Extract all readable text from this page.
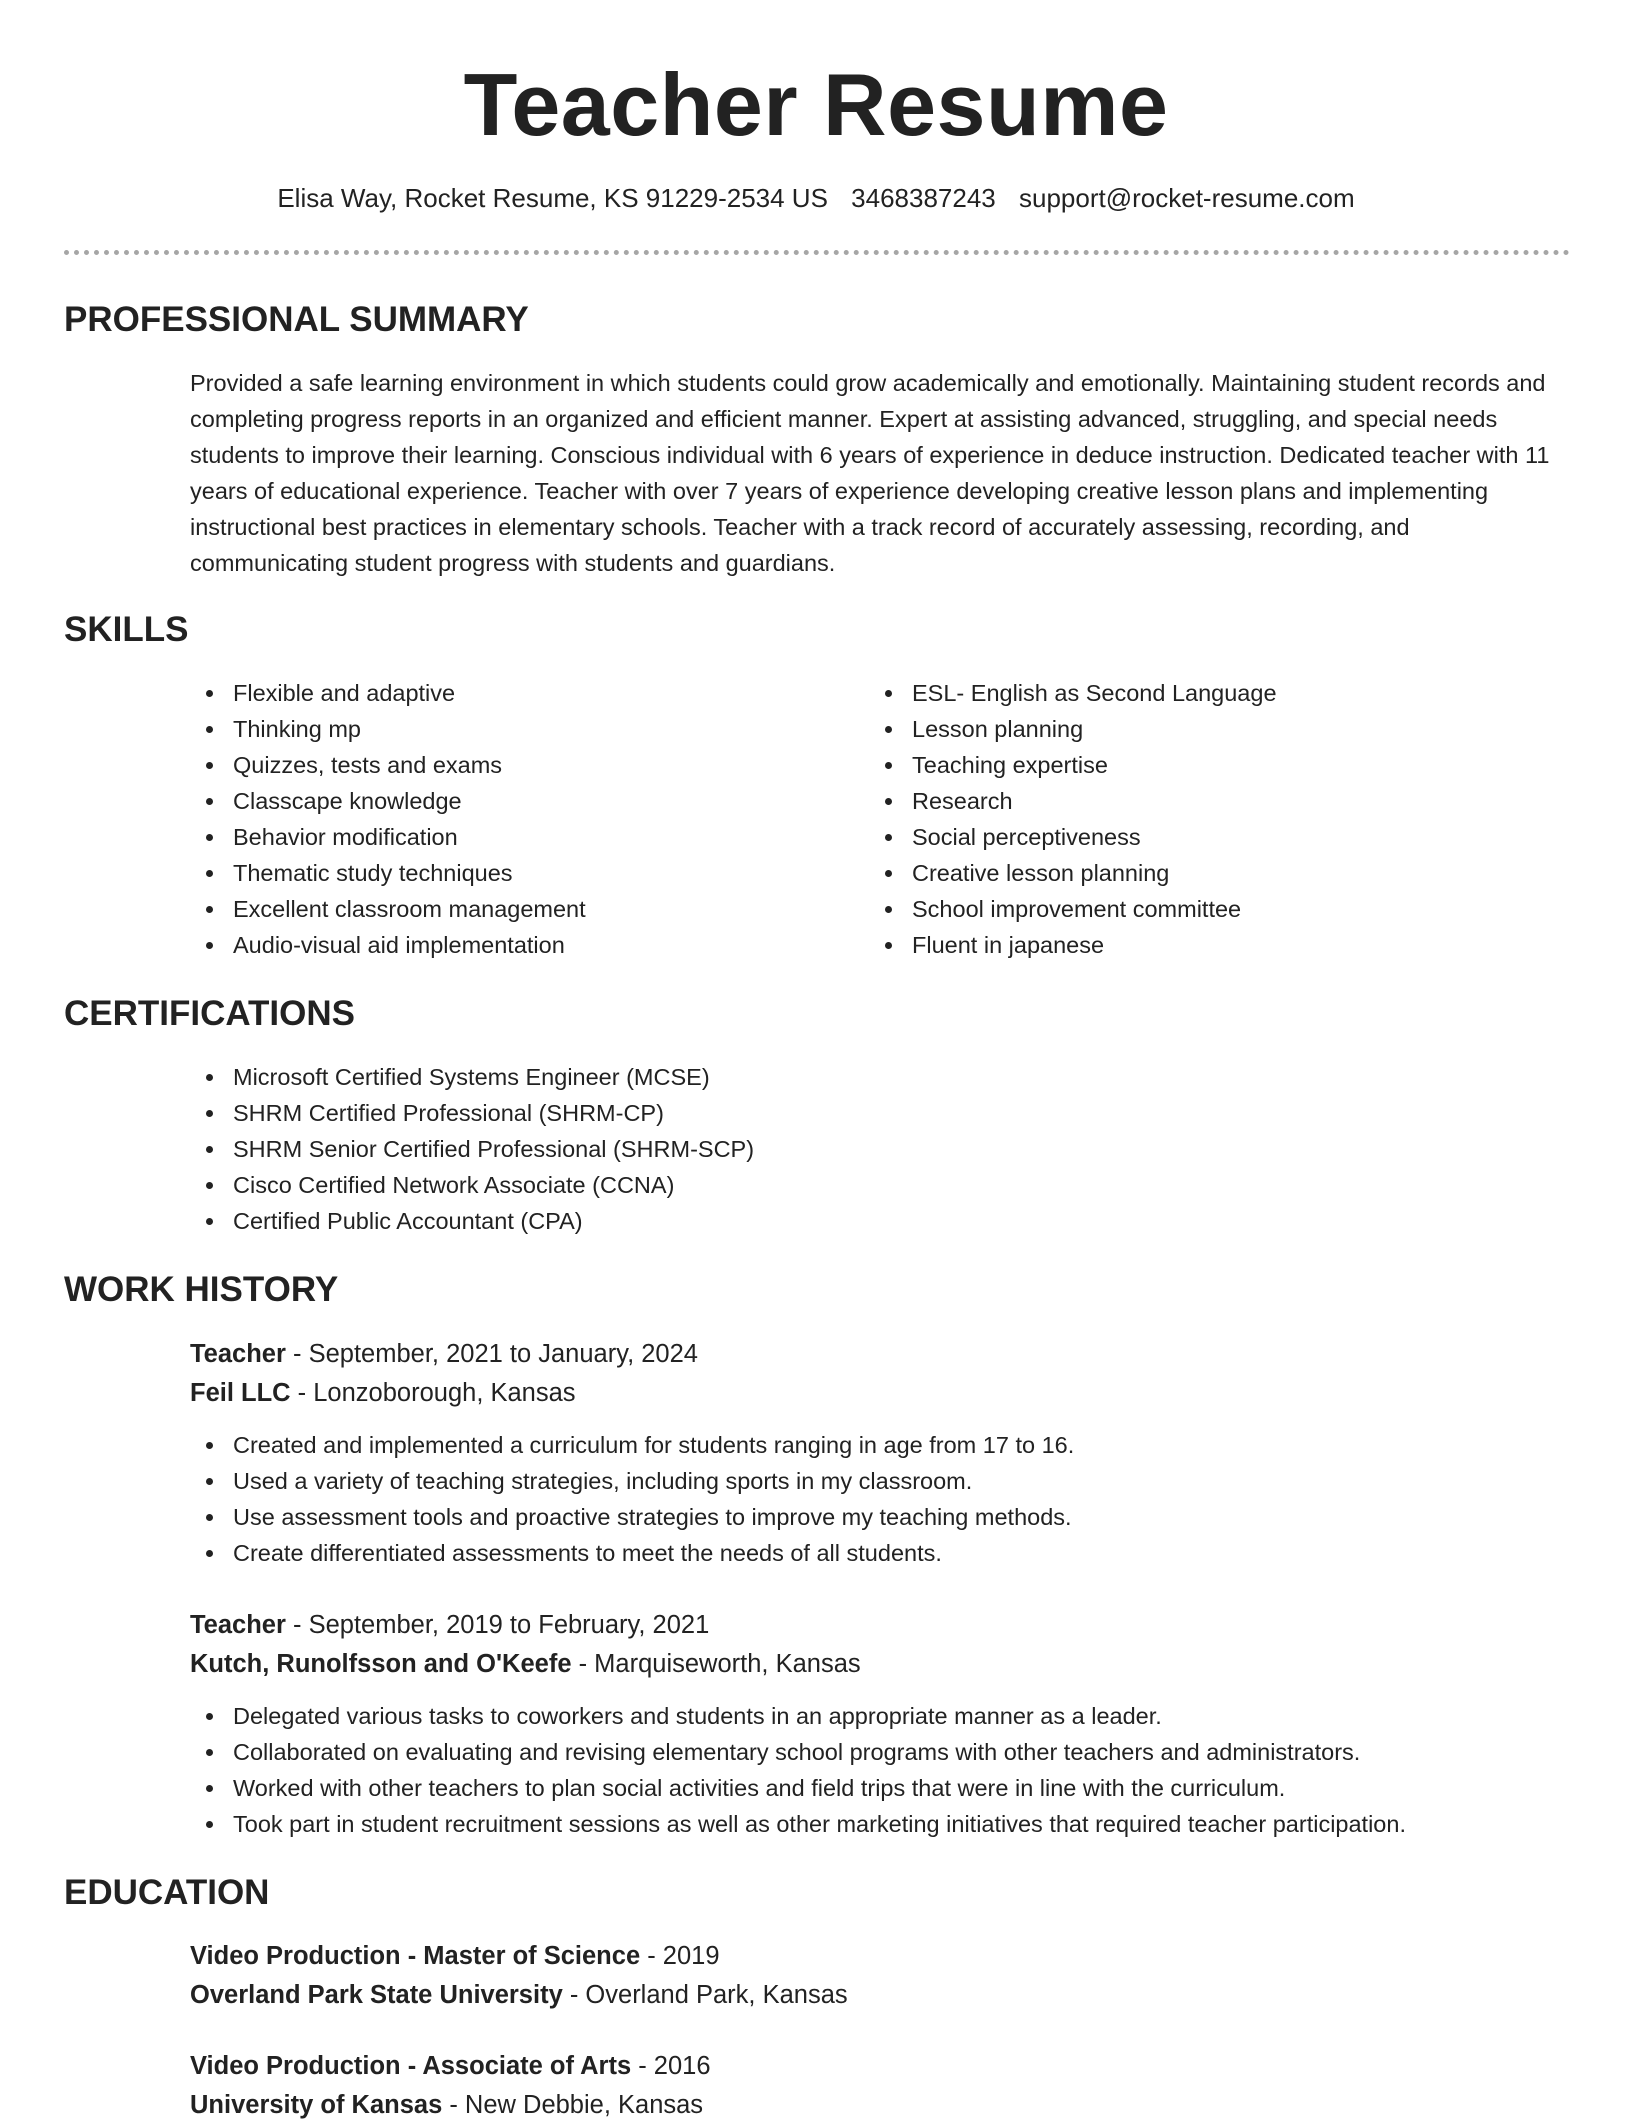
Teacher Resume
Elisa Way, Rocket Resume, KS 91229-2534 US 3468387243 support@rocket-resume.com
PROFESSIONAL SUMMARY
Provided a safe learning environment in which students could grow academically and emotionally. Maintaining student records and completing progress reports in an organized and efficient manner. Expert at assisting advanced, struggling, and special needs students to improve their learning. Conscious individual with 6 years of experience in deduce instruction. Dedicated teacher with 11 years of educational experience. Teacher with over 7 years of experience developing creative lesson plans and implementing instructional best practices in elementary schools. Teacher with a track record of accurately assessing, recording, and communicating student progress with students and guardians.
SKILLS
Flexible and adaptive
Thinking mp
Quizzes, tests and exams
Classcape knowledge
Behavior modification
Thematic study techniques
Excellent classroom management
Audio-visual aid implementation
ESL- English as Second Language
Lesson planning
Teaching expertise
Research
Social perceptiveness
Creative lesson planning
School improvement committee
Fluent in japanese
CERTIFICATIONS
Microsoft Certified Systems Engineer (MCSE)
SHRM Certified Professional (SHRM-CP)
SHRM Senior Certified Professional (SHRM-SCP)
Cisco Certified Network Associate (CCNA)
Certified Public Accountant (CPA)
WORK HISTORY
Teacher - September, 2021 to January, 2024
Feil LLC - Lonzoborough, Kansas
Created and implemented a curriculum for students ranging in age from 17 to 16.
Used a variety of teaching strategies, including sports in my classroom.
Use assessment tools and proactive strategies to improve my teaching methods.
Create differentiated assessments to meet the needs of all students.
Teacher - September, 2019 to February, 2021
Kutch, Runolfsson and O'Keefe - Marquiseworth, Kansas
Delegated various tasks to coworkers and students in an appropriate manner as a leader.
Collaborated on evaluating and revising elementary school programs with other teachers and administrators.
Worked with other teachers to plan social activities and field trips that were in line with the curriculum.
Took part in student recruitment sessions as well as other marketing initiatives that required teacher participation.
EDUCATION
Video Production - Master of Science - 2019
Overland Park State University - Overland Park, Kansas
Video Production - Associate of Arts - 2016
University of Kansas - New Debbie, Kansas
